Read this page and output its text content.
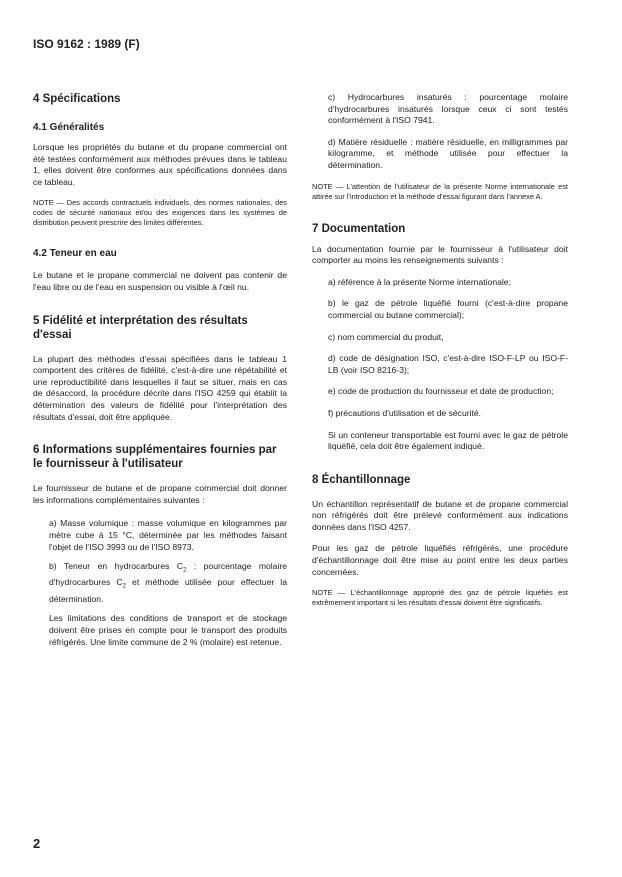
ISO 9162 : 1989 (F)
4 Spécifications
4.1 Généralités

Lorsque les propriétés du butane et du propane commercial ont été testées conformément aux méthodes prévues dans le tableau 1, elles doivent être conformes aux spécifications données dans ce tableau.

NOTE — Des accords contractuels individuels, des normes nationales, des codes de sécurité nationaux et/ou des exigences dans les systèmes de distribution peuvent prescrire des limites différentes.

4.2 Teneur en eau

Le butane et le propane commercial ne doivent pas contenir de l'eau libre ou de l'eau en suspension ou visible à l'œil nu.

5 Fidélité et interprétation des résultats d'essai

La plupart des méthodes d'essai spécifiées dans le tableau 1 comportent des critères de fidélité, c'est-à-dire une répétabilité et une reproductibilité dans lesquelles il faut se situer, mais en cas de désaccord, la procédure décrite dans l'ISO 4259 qui établit la détermination des valeurs de fidélité pour l'interprétation des résultats d'essai, doit être appliquée.

6 Informations supplémentaires fournies par le fournisseur à l'utilisateur

Le fournisseur de butane et de propane commercial doit donner les informations complémentaires suivantes :

a) Masse volumique : masse volumique en kilogrammes par mètre cube à 15 °C, déterminée par les méthodes faisant l'objet de l'ISO 3993 ou de l'ISO 8973.

b) Teneur en hydrocarbures $C_2$ : pourcentage molaire d'hydrocarbures $C_2$ et méthode utilisée pour effectuer la détermination.

Les limitations des conditions de transport et de stockage doivent être prises en compte pour le transport des produits réfrigérés. Une limite commune de 2 % (molaire) est retenue.

c) Hydrocarbures insaturés : pourcentage molaire d'hydrocarbures insaturés lorsque ceux ci sont testés conformément à l'ISO 7941.

d) Matière résiduelle : matière résiduelle, en milligrammes par kilogramme, et méthode utilisée pour effectuer la détermination.

NOTE — L'attention de l'utilisateur de la présente Norme internationale est attirée sur l'introduction et la méthode d'essai figurant dans l'annexe A.

7 Documentation

La documentation fournie par le fournisseur à l'utilisateur doit comporter au moins les renseignements suivants :

a) référence à la présente Norme internationale;

b) le gaz de pétrole liquéfié fourni (c'est-à-dire propane commercial ou butane commercial);

c) nom commercial du produit,

d) code de désignation ISO, c'est-à-dire ISO-F-LP ou ISO-F-LB (voir ISO 8216-3);

e) code de production du fournisseur et date de production;

f) précautions d'utilisation et de sécurité.

Si un conteneur transportable est fourni avec le gaz de pétrole liquéfié, cela doit être également indiqué.

8 Échantillonnage

Un échantillon représentatif de butane et de propane commercial non réfrigérés doit être prélevé conformément aux indications données dans l'ISO 4257.

Pour les gaz de pétrole liquéfiés réfrigérés, une procédure d'échantillonnage doit être mise au point entre les deux parties concernées.

NOTE — L'échantillonnage approprié des gaz de pétrole liquéfiés est extrêmement important si les résultats d'essai doivent être significatifs.

2
